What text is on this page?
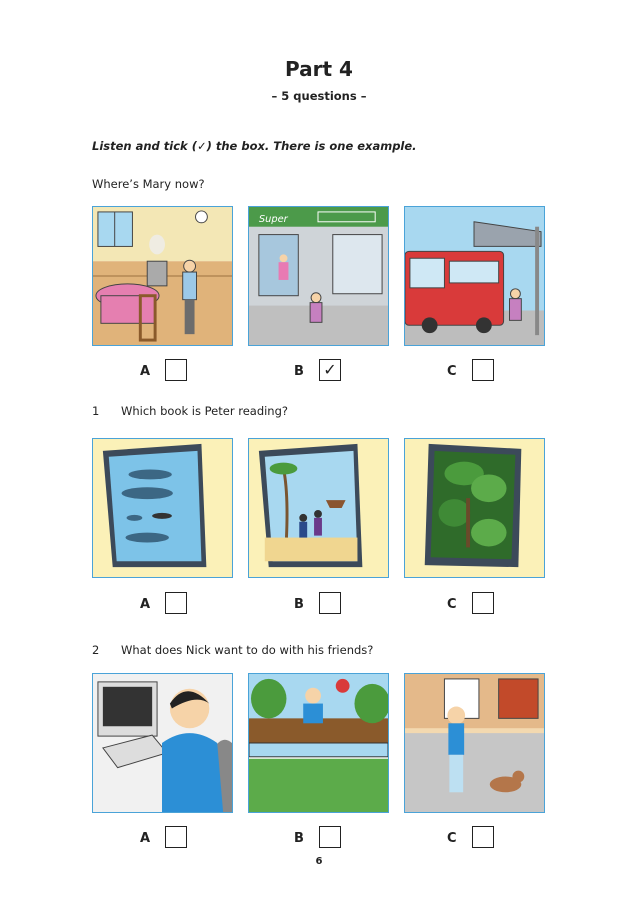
Part 4
– 5 questions –
Listen and tick (✓) the box. There is one example.
Where’s Mary now?
Super
A	B ✓	C
1 Which book is Peter reading?
A	B	C
2 What does Nick want to do with his friends?
A	B	C
6
